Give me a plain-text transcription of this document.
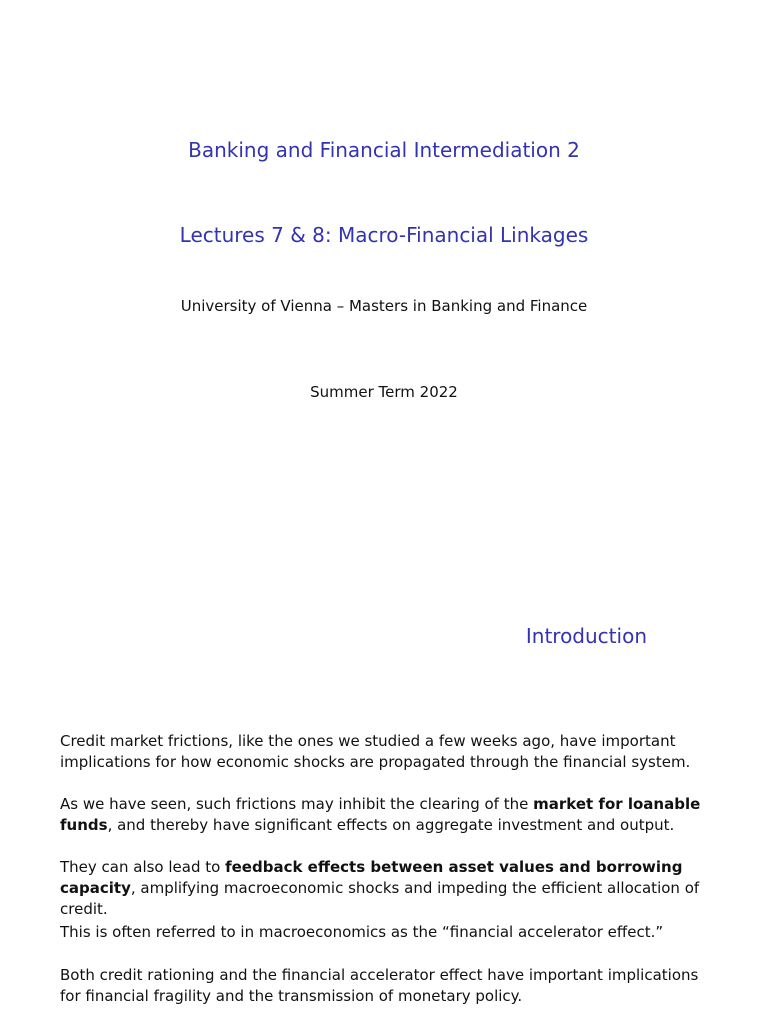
Banking and Financial Intermediation 2
Lectures 7 & 8: Macro-Financial Linkages
University of Vienna – Masters in Banking and Finance
Summer Term 2022
Introduction
Credit market frictions, like the ones we studied a few weeks ago, have important implications for how economic shocks are propagated through the financial system.
As we have seen, such frictions may inhibit the clearing of the market for loanable funds, and thereby have significant effects on aggregate investment and output.
They can also lead to feedback effects between asset values and borrowing capacity, amplifying macroeconomic shocks and impeding the efficient allocation of credit.
This is often referred to in macroeconomics as the “financial accelerator effect.”
Both credit rationing and the financial accelerator effect have important implications for financial fragility and the transmission of monetary policy.
